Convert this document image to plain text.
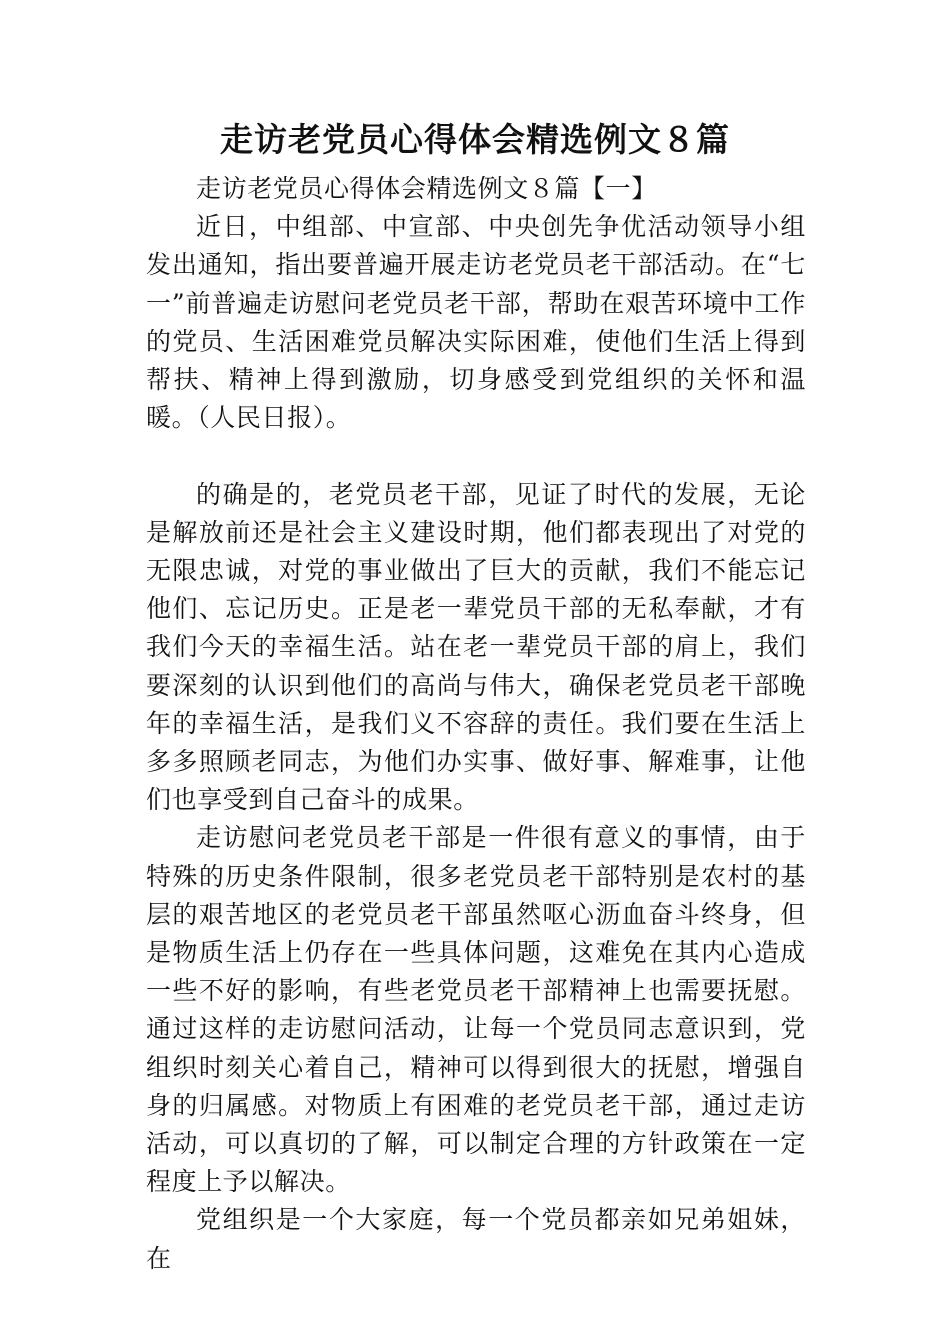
走访老党员心得体会精选例文８篇

走访老党员心得体会精选例文８篇【一】

近日，中组部、中宣部、中央创先争优活动领导小组发出通知，指出要普遍开展走访老党员老干部活动。在“七一”前普遍走访慰问老党员老干部，帮助在艰苦环境中工作的党员、生活困难党员解决实际困难，使他们生活上得到帮扶、精神上得到激励，切身感受到党组织的关怀和温暖。（人民日报）。

的确是的，老党员老干部，见证了时代的发展，无论是解放前还是社会主义建设时期，他们都表现出了对党的无限忠诚，对党的事业做出了巨大的贡献，我们不能忘记他们、忘记历史。正是老一辈党员干部的无私奉献，才有我们今天的幸福生活。站在老一辈党员干部的肩上，我们要深刻的认识到他们的高尚与伟大，确保老党员老干部晚年的幸福生活，是我们义不容辞的责任。我们要在生活上多多照顾老同志，为他们办实事、做好事、解难事，让他们也享受到自己奋斗的成果。

走访慰问老党员老干部是一件很有意义的事情，由于特殊的历史条件限制，很多老党员老干部特别是农村的基层的艰苦地区的老党员老干部虽然呕心沥血奋斗终身，但是物质生活上仍存在一些具体问题，这难免在其内心造成一些不好的影响，有些老党员老干部精神上也需要抚慰。通过这样的走访慰问活动，让每一个党员同志意识到，党组织时刻关心着自己，精神可以得到很大的抚慰，增强自身的归属感。对物质上有困难的老党员老干部，通过走访活动，可以真切的了解，可以制定合理的方针政策在一定程度上予以解决。

党组织是一个大家庭，每一个党员都亲如兄弟姐妹，在
